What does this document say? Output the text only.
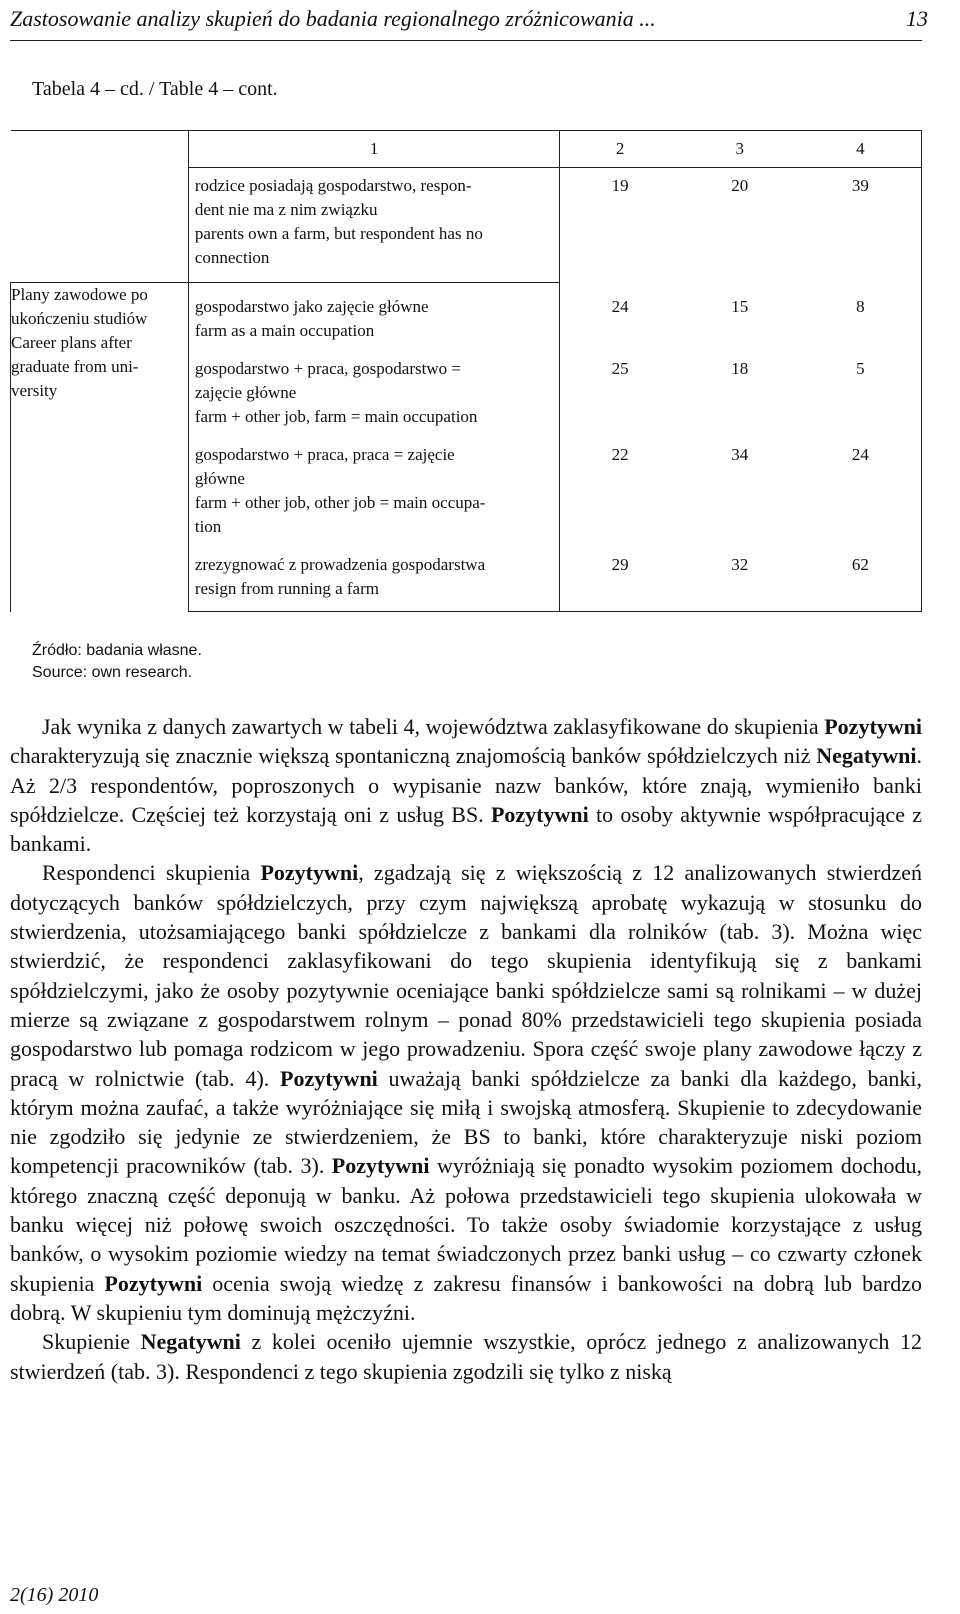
Zastosowanie analizy skupień do badania regionalnego zróżnicowania ...	13
Tabela 4 – cd. / Table 4 – cont.
	1	2	3	4

	rodzice posiadają gospodarstwo, respon-
dent nie ma z nim związku
parents own a farm, but respondent has no
connection	19	20	39

Plany zawodowe po
ukończeniu studiów
Career plans after
graduate from uni-
versity	gospodarstwo jako zajęcie główne
farm as a main occupation	24	15	8

	gospodarstwo + praca, gospodarstwo =
zajęcie główne
farm + other job, farm = main occupation	25	18	5

	gospodarstwo + praca, praca = zajęcie
główne
farm + other job, other job = main occupa-
tion	22	34	24

	zrezygnować z prowadzenia gospodarstwa
resign from running a farm	29	32	62
Źródło: badania własne.
Source: own research.

Jak wynika z danych zawartych w tabeli 4, województwa zaklasyfikowane do skupienia Pozytywni charakteryzują się znacznie większą spontaniczną znajomością banków spółdzielczych niż Negatywni. Aż 2/3 respondentów, poproszonych o wypisanie nazw banków, które znają, wymieniło banki spółdzielcze. Częściej też korzystają oni z usług BS. Pozytywni to osoby aktywnie współpracujące z bankami.

Respondenci skupienia Pozytywni, zgadzają się z większością z 12 analizowanych stwierdzeń dotyczących banków spółdzielczych, przy czym największą aprobatę wykazują w stosunku do stwierdzenia, utożsamiającego banki spółdzielcze z bankami dla rolników (tab. 3). Można więc stwierdzić, że respondenci zaklasyfikowani do tego skupienia identyfikują się z bankami spółdzielczymi, jako że osoby pozytywnie oceniające banki spółdzielcze sami są rolnikami – w dużej mierze są związane z gospodarstwem rolnym – ponad 80% przedstawicieli tego skupienia posiada gospodarstwo lub pomaga rodzicom w jego prowadzeniu. Spora część swoje plany zawodowe łączy z pracą w rolnictwie (tab. 4). Pozytywni uważają banki spółdzielcze za banki dla każdego, banki, którym można zaufać, a także wyróżniające się miłą i swojską atmosferą. Skupienie to zdecydowanie nie zgodziło się jedynie ze stwierdzeniem, że BS to banki, które charakteryzuje niski poziom kompetencji pracowników (tab. 3). Pozytywni wyróżniają się ponadto wysokim poziomem dochodu, którego znaczną część deponują w banku. Aż połowa przedstawicieli tego skupienia ulokowała w banku więcej niż połowę swoich oszczędności. To także osoby świadomie korzystające z usług banków, o wysokim poziomie wiedzy na temat świadczonych przez banki usług – co czwarty członek skupienia Pozytywni ocenia swoją wiedzę z zakresu finansów i bankowości na dobrą lub bardzo dobrą. W skupieniu tym dominują mężczyźni.

Skupienie Negatywni z kolei oceniło ujemnie wszystkie, oprócz jednego z analizowanych 12 stwierdzeń (tab. 3). Respondenci z tego skupienia zgodzili się tylko z niską

2(16) 2010
